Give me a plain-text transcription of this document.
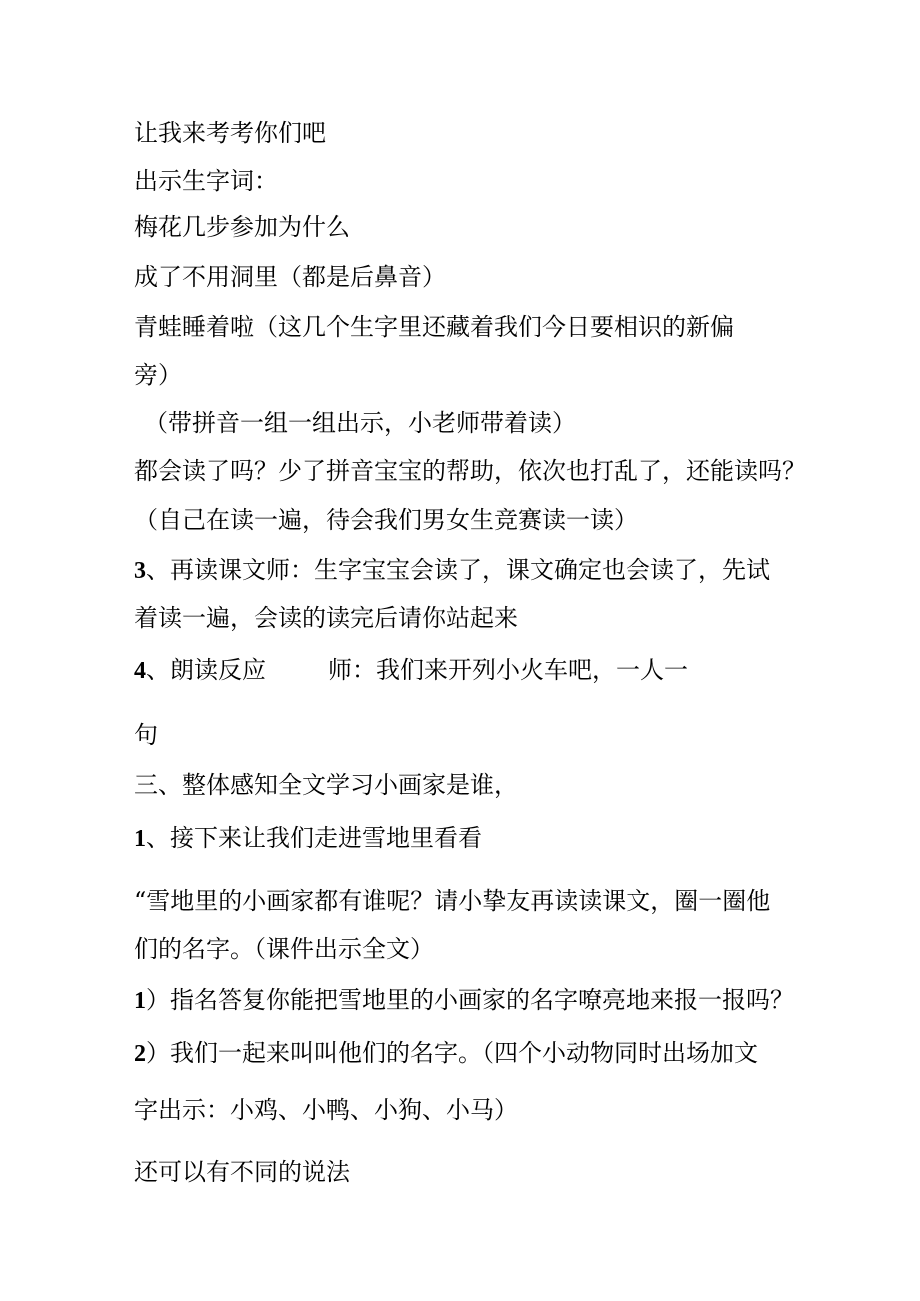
让我来考考你们吧

出示生字词：

梅花几步参加为什么

成了不用洞里（都是后鼻音）

青蛙睡着啦（这几个生字里还藏着我们今日要相识的新偏

旁）

（带拼音一组一组出示，小老师带着读）

都会读了吗？少了拼音宝宝的帮助，依次也打乱了，还能读吗？

（自己在读一遍，待会我们男女生竞赛读一读）

3、再读课文师：生字宝宝会读了，课文确定也会读了，先试

着读一遍，会读的读完后请你站起来

4、朗读反应	师：我们来开列小火车吧，一人一

句

三、整体感知全文学习小画家是谁，

1、接下来让我们走进雪地里看看

“雪地里的小画家都有谁呢？请小挚友再读读课文，圈一圈他

们的名字。（课件出示全文）

1）指名答复你能把雪地里的小画家的名字嘹亮地来报一报吗？

2）我们一起来叫叫他们的名字。（四个小动物同时出场加文

字出示：小鸡、小鸭、小狗、小马）

还可以有不同的说法
